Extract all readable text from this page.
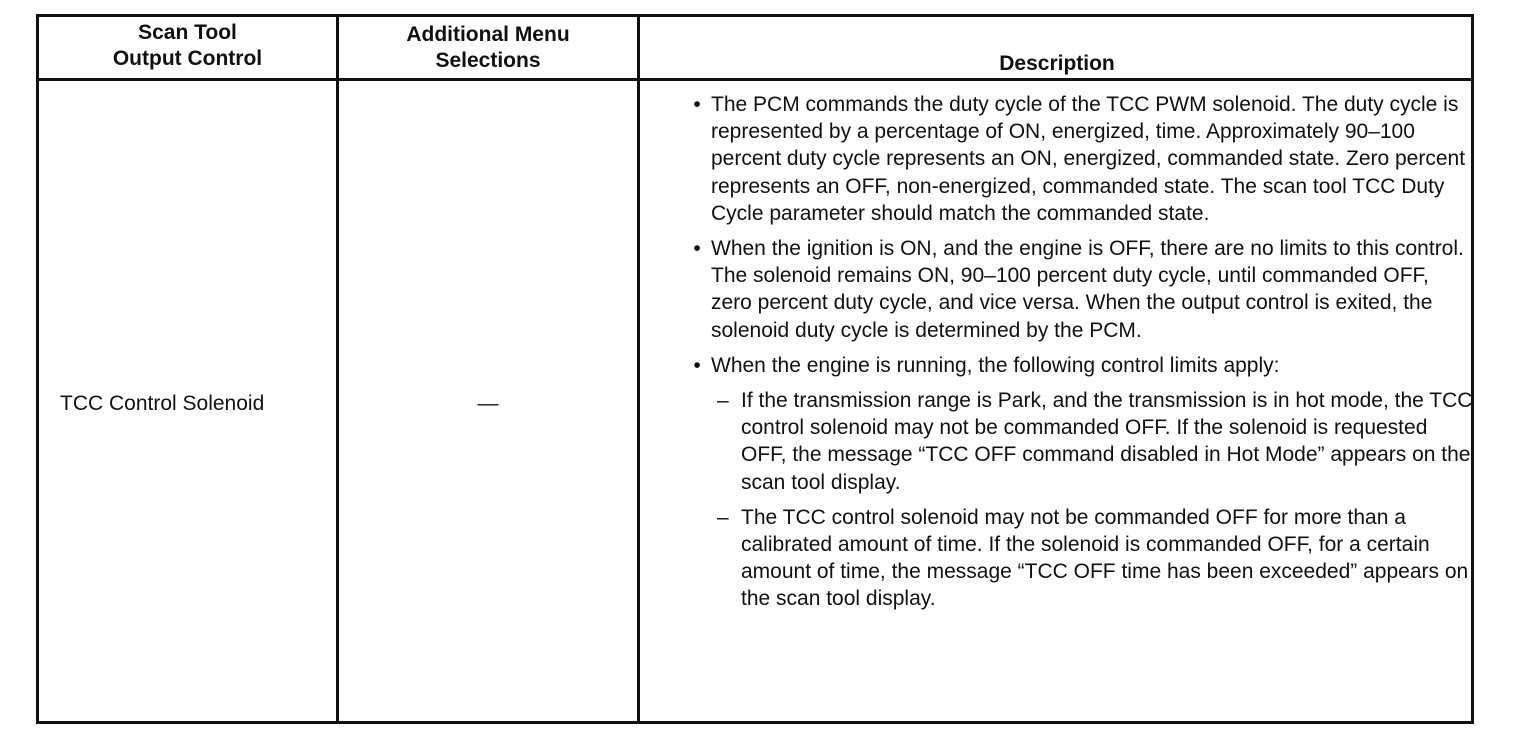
Scan Tool
Output Control
Additional Menu
Selections	Description
TCC Control Solenoid	—
• The PCM commands the duty cycle of the TCC PWM solenoid. The duty cycle is represented by a percentage of ON, energized, time. Approximately 90–100 percent duty cycle represents an ON, energized, commanded state. Zero percent represents an OFF, non-energized, commanded state. The scan tool TCC Duty Cycle parameter should match the commanded state.
• When the ignition is ON, and the engine is OFF, there are no limits to this control. The solenoid remains ON, 90–100 percent duty cycle, until commanded OFF, zero percent duty cycle, and vice versa. When the output control is exited, the solenoid duty cycle is determined by the PCM.
• When the engine is running, the following control limits apply:
– If the transmission range is Park, and the transmission is in hot mode, the TCC control solenoid may not be commanded OFF. If the solenoid is requested OFF, the message “TCC OFF command disabled in Hot Mode” appears on the scan tool display.
– The TCC control solenoid may not be commanded OFF for more than a calibrated amount of time. If the solenoid is commanded OFF, for a certain amount of time, the message “TCC OFF time has been exceeded” appears on the scan tool display.
